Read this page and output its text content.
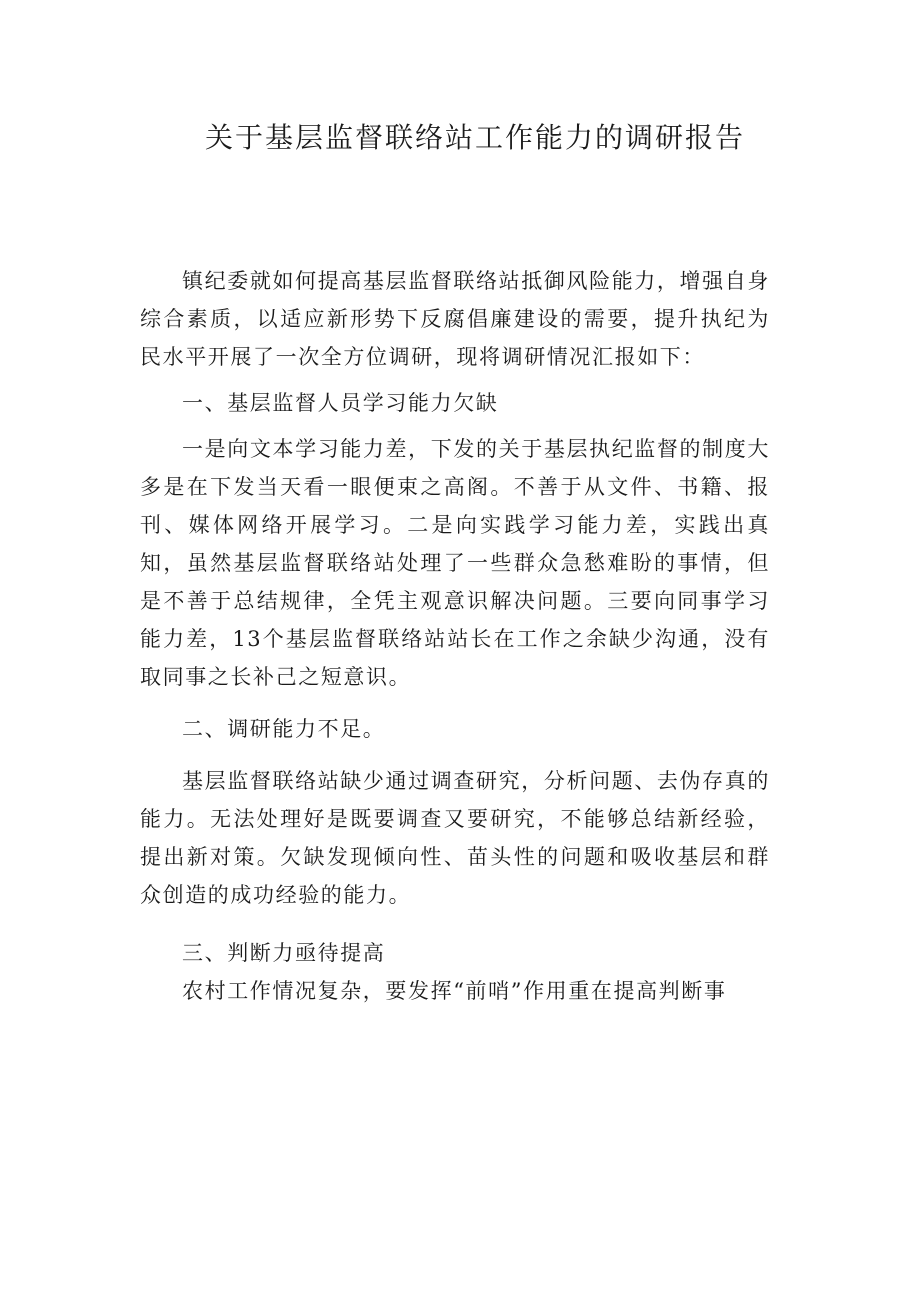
关于基层监督联络站工作能力的调研报告

镇纪委就如何提高基层监督联络站抵御风险能力，增强自身综合素质，以适应新形势下反腐倡廉建设的需要，提升执纪为民水平开展了一次全方位调研，现将调研情况汇报如下：

一、基层监督人员学习能力欠缺

一是向文本学习能力差，下发的关于基层执纪监督的制度大多是在下发当天看一眼便束之高阁。不善于从文件、书籍、报刊、媒体网络开展学习。二是向实践学习能力差，实践出真知，虽然基层监督联络站处理了一些群众急愁难盼的事情，但是不善于总结规律，全凭主观意识解决问题。三要向同事学习能力差，13个基层监督联络站站长在工作之余缺少沟通，没有取同事之长补己之短意识。

二、调研能力不足。

基层监督联络站缺少通过调查研究，分析问题、去伪存真的能力。无法处理好是既要调查又要研究，不能够总结新经验，提出新对策。欠缺发现倾向性、苗头性的问题和吸收基层和群众创造的成功经验的能力。

三、判断力亟待提高

农村工作情况复杂，要发挥“前哨”作用重在提高判断事
